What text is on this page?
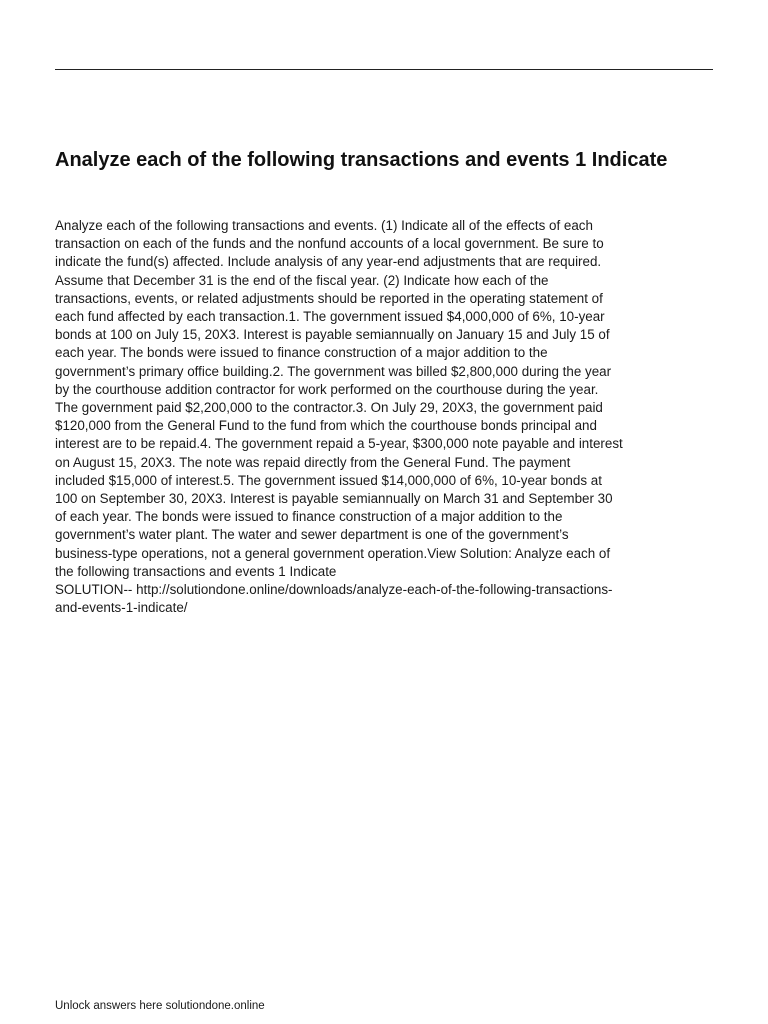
Analyze each of the following transactions and events 1 Indicate

Analyze each of the following transactions and events. (1) Indicate all of the effects of each
transaction on each of the funds and the nonfund accounts of a local government. Be sure to
indicate the fund(s) affected. Include analysis of any year-end adjustments that are required.
Assume that December 31 is the end of the fiscal year. (2) Indicate how each of the
transactions, events, or related adjustments should be reported in the operating statement of
each fund affected by each transaction.1. The government issued $4,000,000 of 6%, 10-year
bonds at 100 on July 15, 20X3. Interest is payable semiannually on January 15 and July 15 of
each year. The bonds were issued to finance construction of a major addition to the
government’s primary office building.2. The government was billed $2,800,000 during the year
by the courthouse addition contractor for work performed on the courthouse during the year.
The government paid $2,200,000 to the contractor.3. On July 29, 20X3, the government paid
$120,000 from the General Fund to the fund from which the courthouse bonds principal and
interest are to be repaid.4. The government repaid a 5-year, $300,000 note payable and interest
on August 15, 20X3. The note was repaid directly from the General Fund. The payment
included $15,000 of interest.5. The government issued $14,000,000 of 6%, 10-year bonds at
100 on September 30, 20X3. Interest is payable semiannually on March 31 and September 30
of each year. The bonds were issued to finance construction of a major addition to the
government’s water plant. The water and sewer department is one of the government’s
business-type operations, not a general government operation.View Solution: Analyze each of
the following transactions and events 1 Indicate
SOLUTION-- http://solutiondone.online/downloads/analyze-each-of-the-following-transactions-
and-events-1-indicate/

Unlock answers here solutiondone.online
